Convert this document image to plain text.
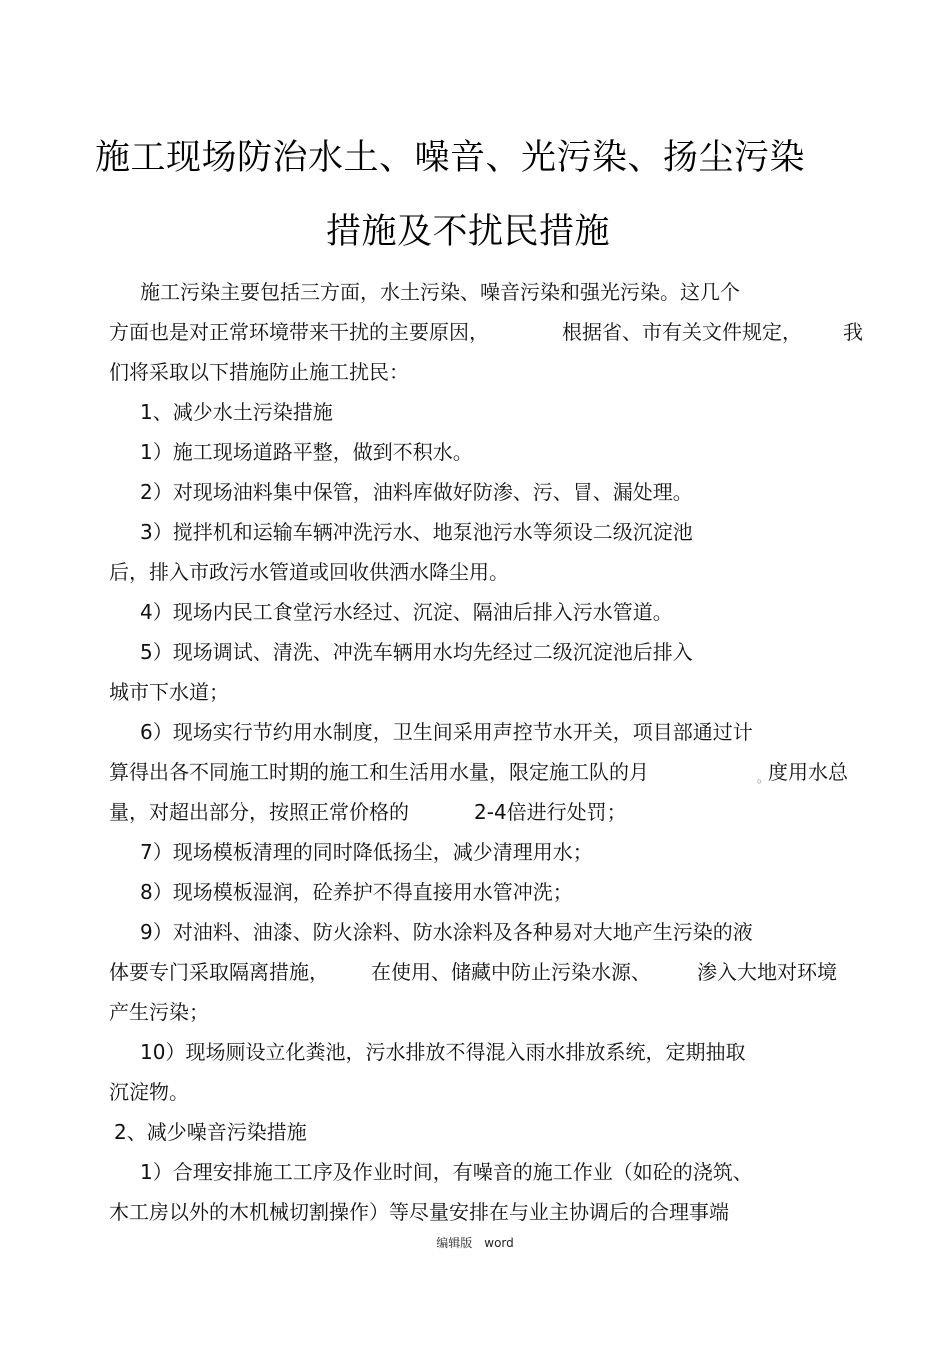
施工现场防治水土、噪音、光污染、扬尘污染
措施及不扰民措施
施工污染主要包括三方面，水土污染、噪音污染和强光污染。这几个
方面也是对正常环境带来干扰的主要原因，	根据省、市有关文件规定， 我
们将采取以下措施防止施工扰民：
1、减少水土污染措施
1）施工现场道路平整，做到不积水。
2）对现场油料集中保管，油料库做好防渗、污、冒、漏处理。
3）搅拌机和运输车辆冲洗污水、地泵池污水等须设二级沉淀池
后，排入市政污水管道或回收供洒水降尘用。
4）现场内民工食堂污水经过、沉淀、隔油后排入污水管道。
5）现场调试、清洗、冲洗车辆用水均先经过二级沉淀池后排入
城市下水道；
6）现场实行节约用水制度，卫生间采用声控节水开关，项目部通过计
算得出各不同施工时期的施工和生活用水量，限定施工队的月	。
度用水总
量，对超出部分，按照正常价格的	2-4倍进行处罚；
7）现场模板清理的同时降低扬尘，减少清理用水；
8）现场模板湿润，砼养护不得直接用水管冲洗；
9）对油料、油漆、防火涂料、防水涂料及各种易对大地产生污染的液
体要专门采取隔离措施， 在使用、储藏中防止污染水源、 渗入大地对环境
产生污染；
10）现场厕设立化粪池，污水排放不得混入雨水排放系统，定期抽取
沉淀物。
2、减少噪音污染措施
1）合理安排施工工序及作业时间，有噪音的施工作业（如砼的浇筑、
木工房以外的木机械切割操作）等尽量安排在与业主协调后的合理事端
编辑版　word
